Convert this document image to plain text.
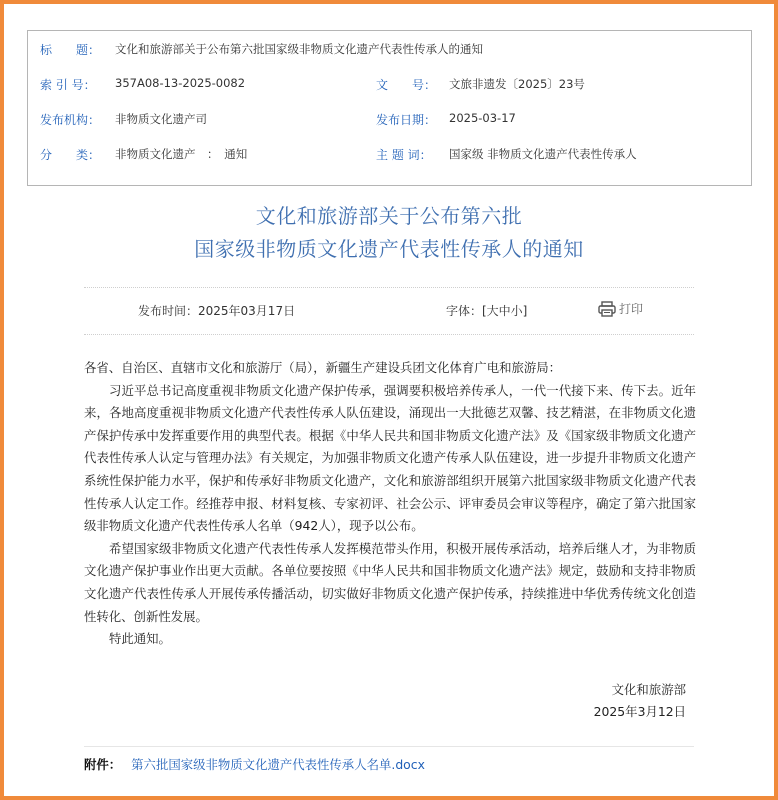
标　　题： 文化和旅游部关于公布第六批国家级非物质文化遗产代表性传承人的通知
索 引 号： 357A08-13-2025-0082	文　　号： 文旅非遗发〔2025〕23号
发布机构： 非物质文化遗产司	发布日期： 2025-03-17
分　　类： 非物质文化遗产　：　通知	主 题 词： 国家级 非物质文化遗产代表性传承人
文化和旅游部关于公布第六批
国家级非物质文化遗产代表性传承人的通知
发布时间：2025年03月17日	字体：[大中小]	打印

各省、自治区、直辖市文化和旅游厅（局），新疆生产建设兵团文化体育广电和旅游局：

习近平总书记高度重视非物质文化遗产保护传承，强调要积极培养传承人，一代一代接下来、传下去。近年来，各地高度重视非物质文化遗产代表性传承人队伍建设，涌现出一大批德艺双馨、技艺精湛，在非物质文化遗产保护传承中发挥重要作用的典型代表。根据《中华人民共和国非物质文化遗产法》及《国家级非物质文化遗产代表性传承人认定与管理办法》有关规定，为加强非物质文化遗产传承人队伍建设，进一步提升非物质文化遗产系统性保护能力水平，保护和传承好非物质文化遗产，文化和旅游部组织开展第六批国家级非物质文化遗产代表性传承人认定工作。经推荐申报、材料复核、专家初评、社会公示、评审委员会审议等程序，确定了第六批国家级非物质文化遗产代表性传承人名单（942人），现予以公布。

希望国家级非物质文化遗产代表性传承人发挥模范带头作用，积极开展传承活动，培养后继人才，为非物质文化遗产保护事业作出更大贡献。各单位要按照《中华人民共和国非物质文化遗产法》规定，鼓励和支持非物质文化遗产代表性传承人开展传承传播活动，切实做好非物质文化遗产保护传承，持续推进中华优秀传统文化创造性转化、创新性发展。

特此通知。

文化和旅游部
2025年3月12日
附件： 第六批国家级非物质文化遗产代表性传承人名单.docx
